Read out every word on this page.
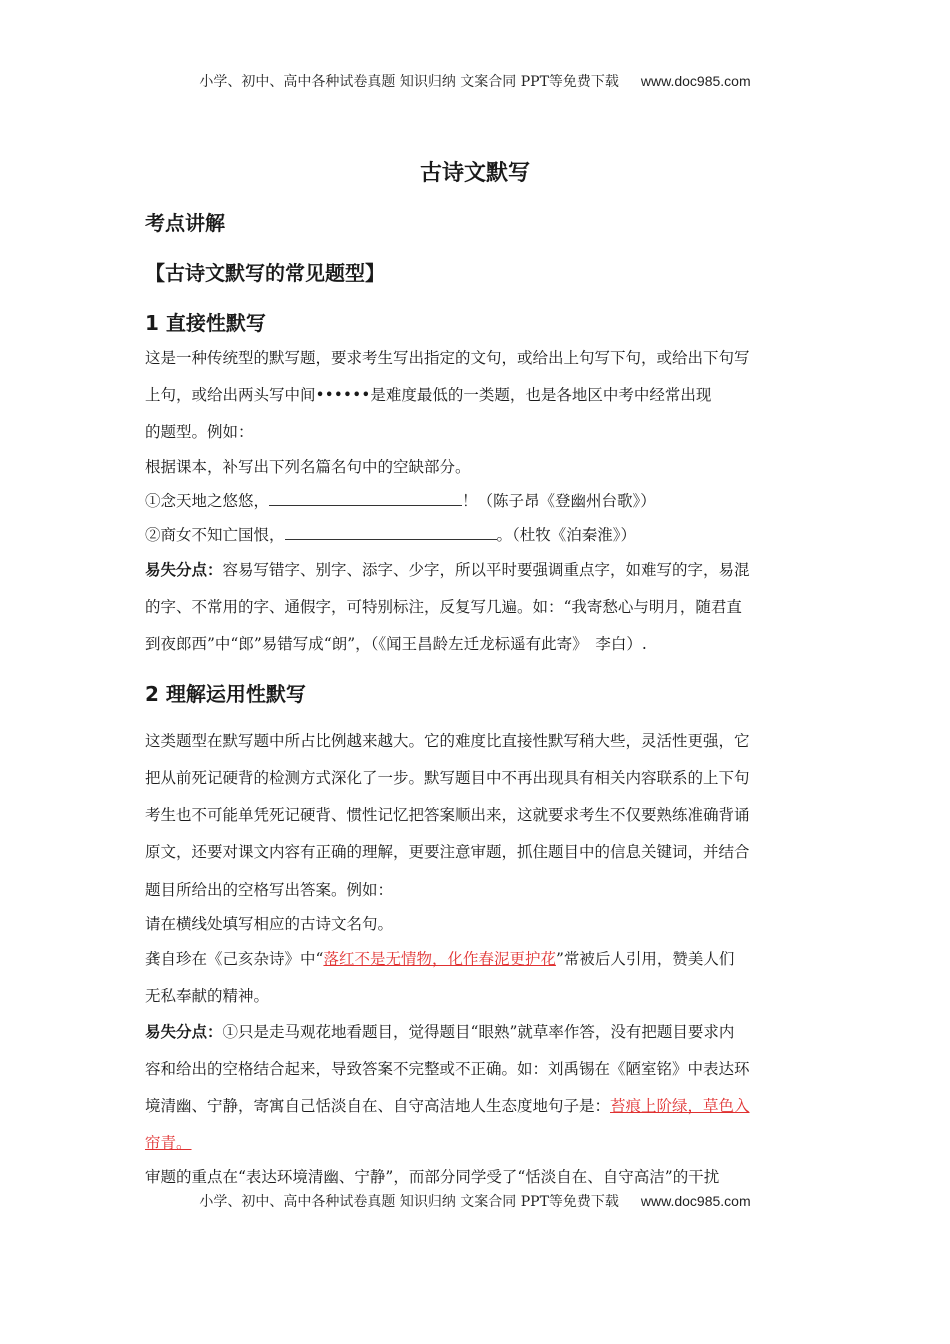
小学、初中、高中各种试卷真题 知识归纳 文案合同 PPT等免费下载 www.doc985.com
古诗文默写
考点讲解
【古诗文默写的常见题型】
1 直接性默写

这是一种传统型的默写题，要求考生写出指定的文句，或给出上句写下句，或给出下句写

上句，或给出两头写中间••••••是难度最低的一类题，也是各地区中考中经常出现

的题型。例如：

根据课本，补写出下列名篇名句中的空缺部分。

①念天地之悠悠，	！（陈子昂《登幽州台歌》）

②商女不知亡国恨，	。（杜牧《泊秦淮》）

易失分点：容易写错字、别字、添字、少字，所以平时要强调重点字，如难写的字，易混

的字、不常用的字、通假字，可特别标注，反复写几遍。如：“我寄愁心与明月，随君直

到夜郎西”中“郎”易错写成“朗”，（《闻王昌龄左迁龙标遥有此寄》　李白）.

2 理解运用性默写

这类题型在默写题中所占比例越来越大。它的难度比直接性默写稍大些，灵活性更强，它

把从前死记硬背的检测方式深化了一步。默写题目中不再出现具有相关内容联系的上下句

考生也不可能单凭死记硬背、惯性记忆把答案顺出来，这就要求考生不仅要熟练准确背诵

原文，还要对课文内容有正确的理解，更要注意审题，抓住题目中的信息关键词，并结合

题目所给出的空格写出答案。例如：

请在横线处填写相应的古诗文名句。

龚自珍在《己亥杂诗》中“落红不是无情物，化作春泥更护花”常被后人引用，赞美人们

无私奉献的精神。

易失分点：①只是走马观花地看题目，觉得题目“眼熟”就草率作答，没有把题目要求内

容和给出的空格结合起来，导致答案不完整或不正确。如：刘禹锡在《陋室铭》中表达环

境清幽、宁静，寄寓自己恬淡自在、自守高洁地人生态度地句子是：苔痕上阶绿，草色入

帘青。

审题的重点在“表达环境清幽、宁静”，而部分同学受了“恬淡自在、自守高洁”的干扰

小学、初中、高中各种试卷真题 知识归纳 文案合同 PPT等免费下载 www.doc985.com
